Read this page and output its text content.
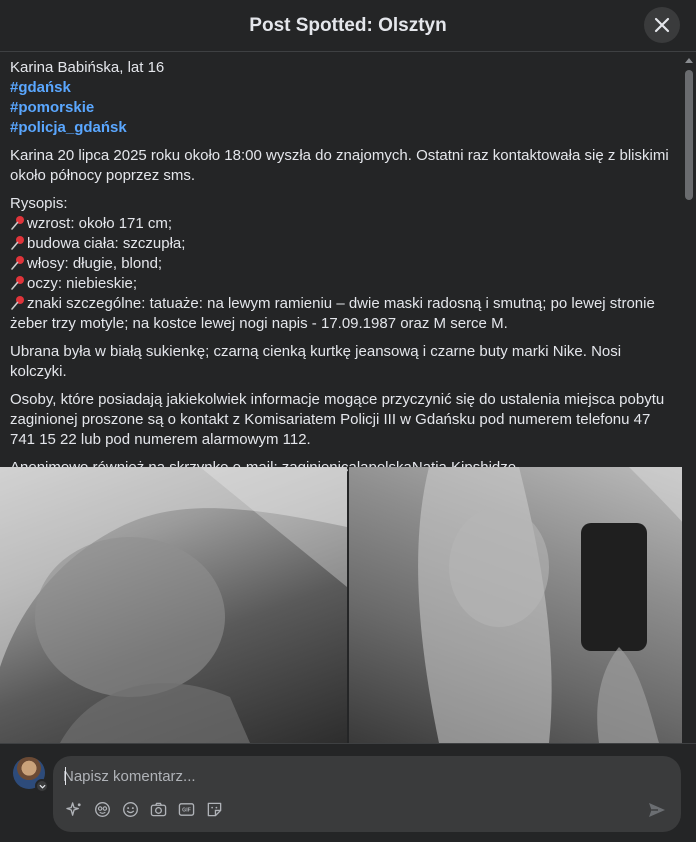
Post Spotted: Olsztyn

Karina Babińska, lat 16

#gdańsk
#pomorskie
#policja_gdańsk

Karina 20 lipca 2025 roku około 18:00 wyszła do znajomych. Ostatni raz kontaktowała się z bliskimi około północy poprzez sms.

Rysopis:

wzrost: około 171 cm;

budowa ciała: szczupła;

włosy: długie, blond;

oczy: niebieskie;

znaki szczególne: tatuaże: na lewym ramieniu – dwie maski radosną i smutną; po lewej stronie żeber trzy motyle; na kostce lewej nogi napis - 17.09.1987 oraz M serce M.

Ubrana była w białą sukienkę; czarną cienką kurtkę jeansową i czarne buty marki Nike. Nosi kolczyki.

Osoby, które posiadają jakiekolwiek informacje mogące przyczynić się do ustalenia miejsca pobytu zaginionej proszone są o kontakt z Komisariatem Policji III w Gdańsku pod numerem telefonu 47 741 15 22 lub pod numerem alarmowym 112.

Napisz komentarz...
GIF
